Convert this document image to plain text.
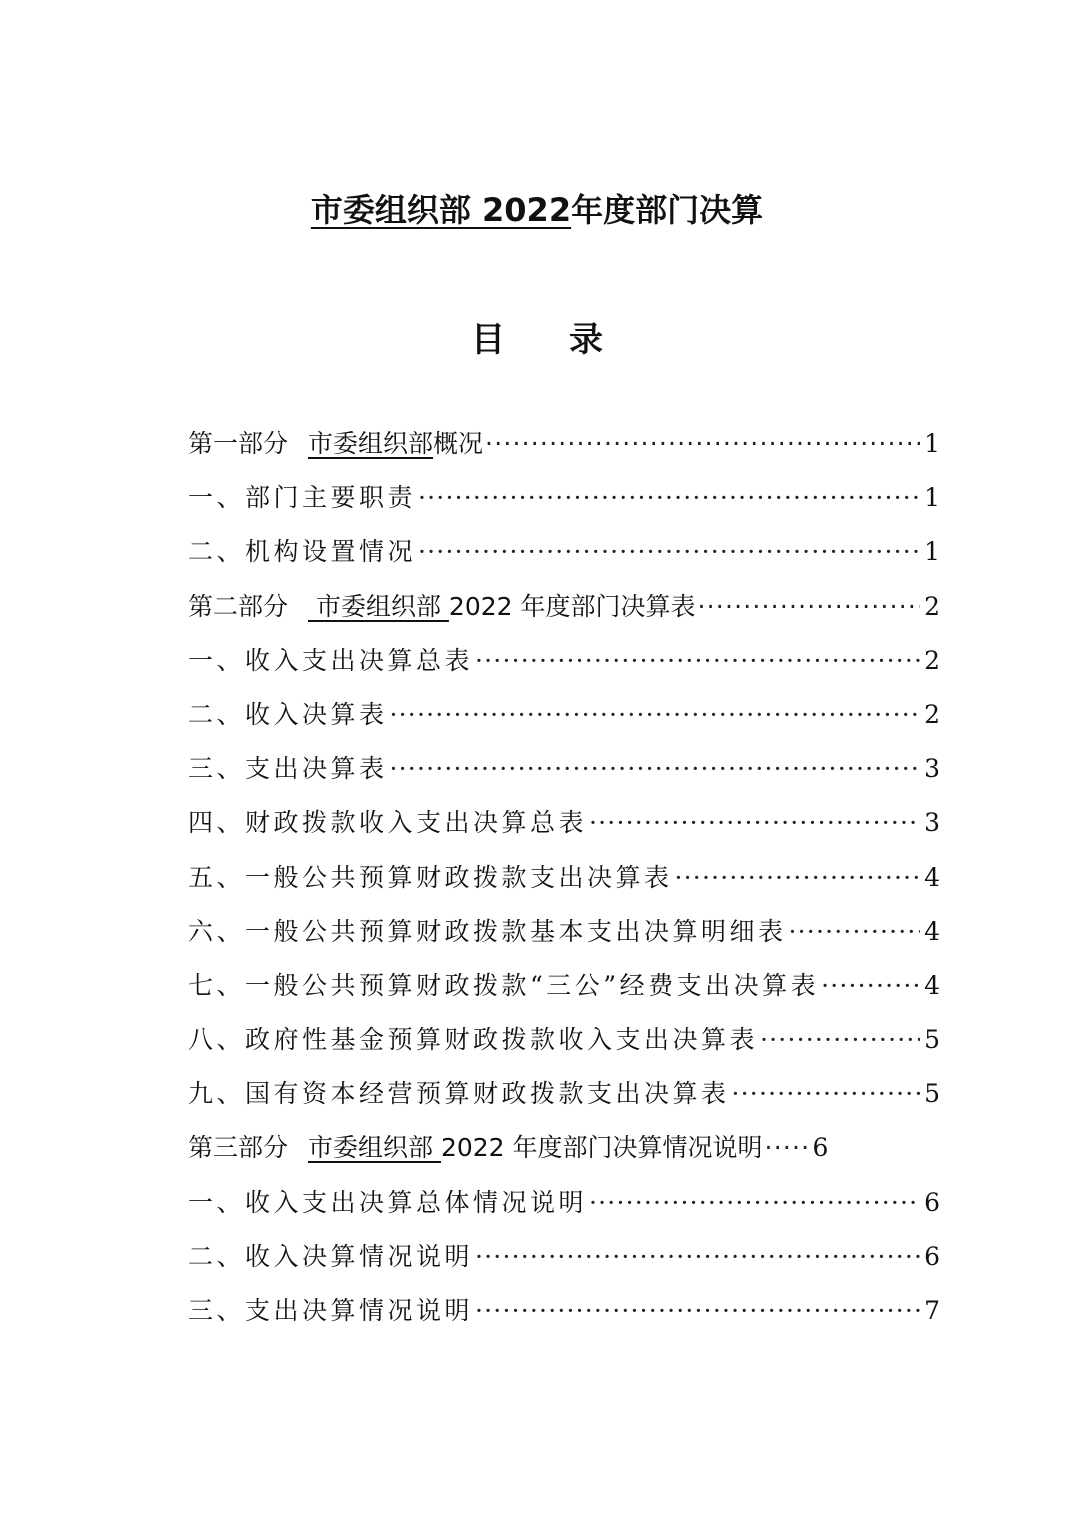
市委组织部 2022年度部门决算
目录
第一部分 市委组织部概况 ·····	1
一、部门主要职责 ·····	1
二、机构设置情况 ·····	1
第二部分 市委组织部 2022 年度部门决算表 ·····	2
一、收入支出决算总表 ·····	2
二、收入决算表 ·····	2
三、支出决算表 ·····	3
四、财政拨款收入支出决算总表 ·····	3
五、一般公共预算财政拨款支出决算表 ·····	4
六、一般公共预算财政拨款基本支出决算明细表 ·····	4
七、一般公共预算财政拨款“三公”经费支出决算表 ·····	4
八、政府性基金预算财政拨款收入支出决算表 ·····	5
九、国有资本经营预算财政拨款支出决算表 ·····	5
第三部分 市委组织部 2022 年度部门决算情况说明 ····· 6
一、收入支出决算总体情况说明 ·····	6
二、收入决算情况说明 ·····	6
三、支出决算情况说明 ·····	7
